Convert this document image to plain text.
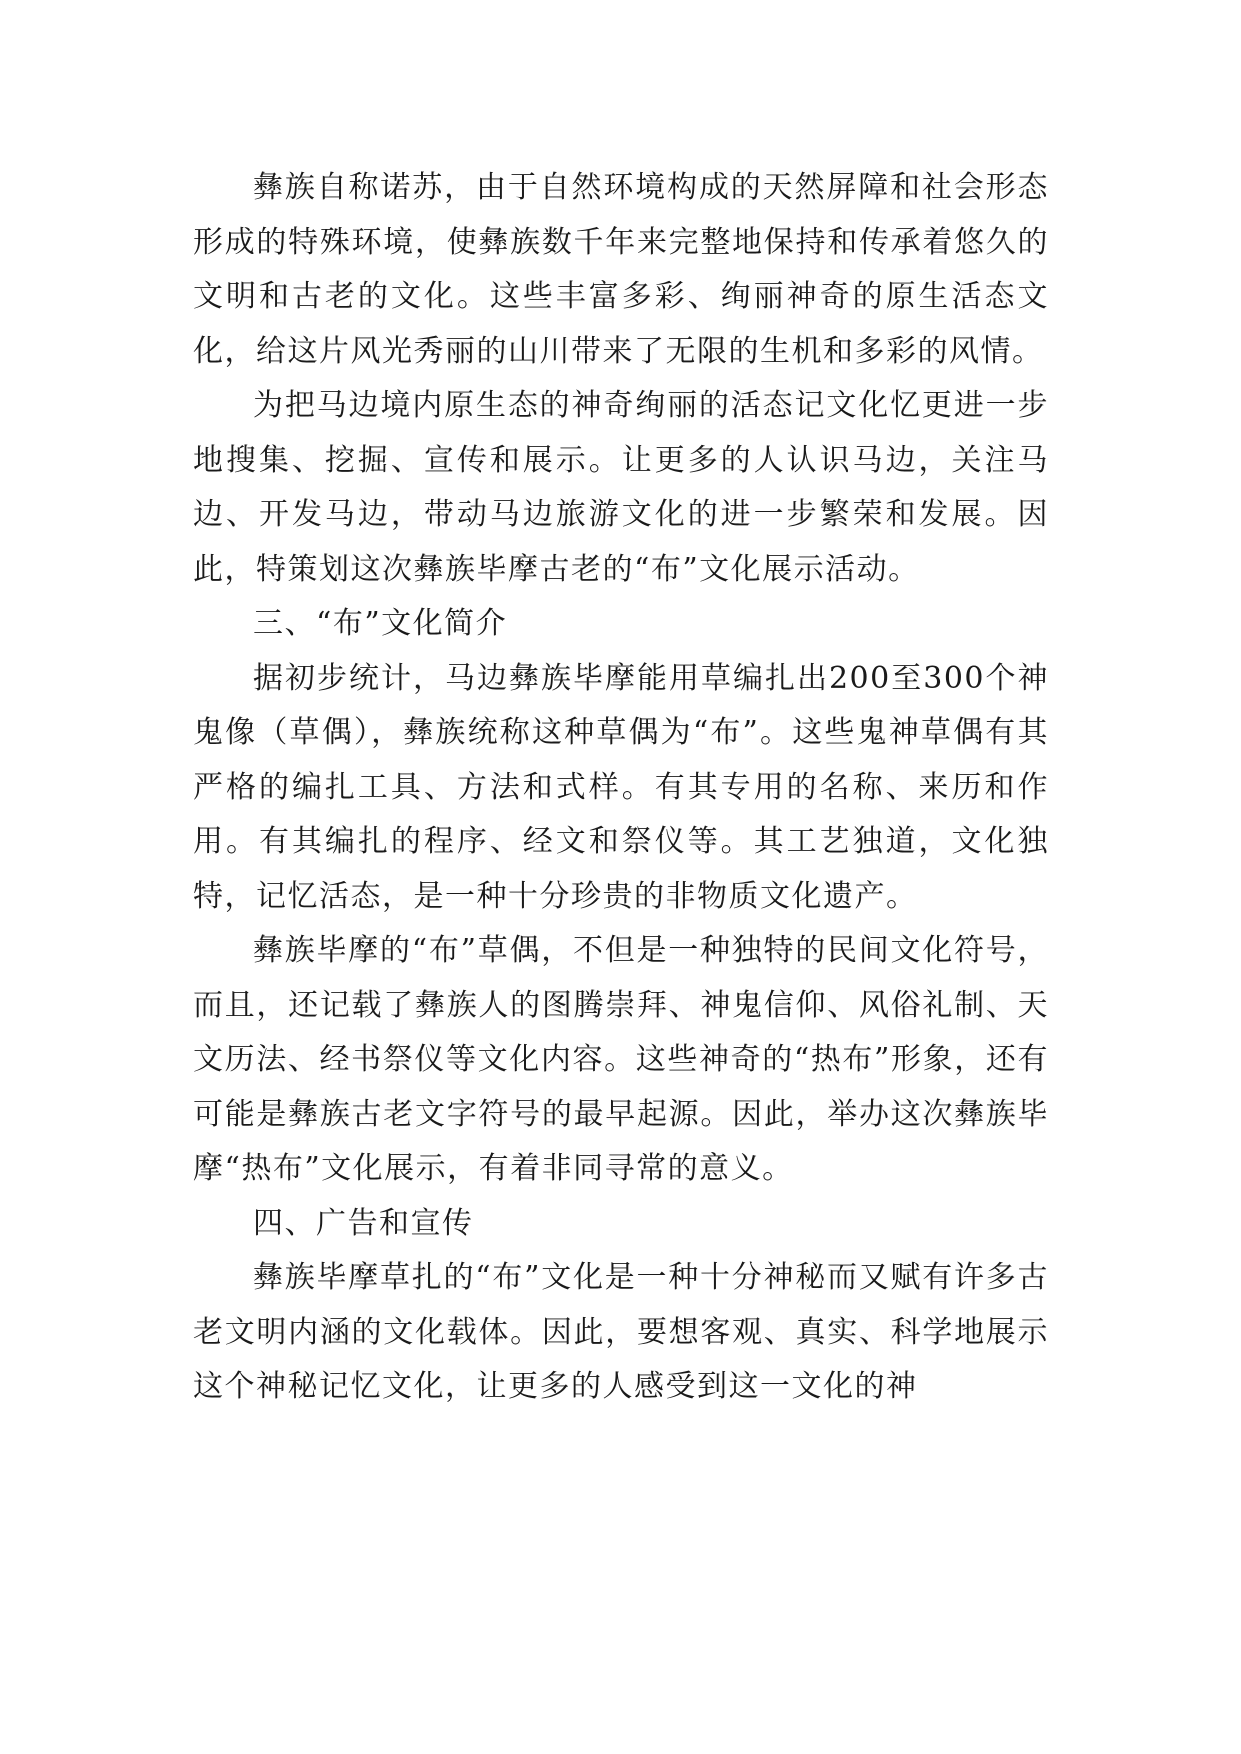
彝族自称诺苏，由于自然环境构成的天然屏障和社会形态形成的特殊环境，使彝族数千年来完整地保持和传承着悠久的文明和古老的文化。这些丰富多彩、绚丽神奇的原生活态文化，给这片风光秀丽的山川带来了无限的生机和多彩的风情。

为把马边境内原生态的神奇绚丽的活态记文化忆更进一步地搜集、挖掘、宣传和展示。让更多的人认识马边，关注马边、开发马边，带动马边旅游文化的进一步繁荣和发展。因此，特策划这次彝族毕摩古老的“布”文化展示活动。

三、“布”文化简介

据初步统计，马边彝族毕摩能用草编扎出200至300个神鬼像（草偶），彝族统称这种草偶为“布”。这些鬼神草偶有其严格的编扎工具、方法和式样。有其专用的名称、来历和作用。有其编扎的程序、经文和祭仪等。其工艺独道，文化独特，记忆活态，是一种十分珍贵的非物质文化遗产。

彝族毕摩的“布”草偶，不但是一种独特的民间文化符号，而且，还记载了彝族人的图腾崇拜、神鬼信仰、风俗礼制、天文历法、经书祭仪等文化内容。这些神奇的“热布”形象，还有可能是彝族古老文字符号的最早起源。因此，举办这次彝族毕摩“热布”文化展示，有着非同寻常的意义。

四、广告和宣传

彝族毕摩草扎的“布”文化是一种十分神秘而又赋有许多古老文明内涵的文化载体。因此，要想客观、真实、科学地展示这个神秘记忆文化，让更多的人感受到这一文化的神
